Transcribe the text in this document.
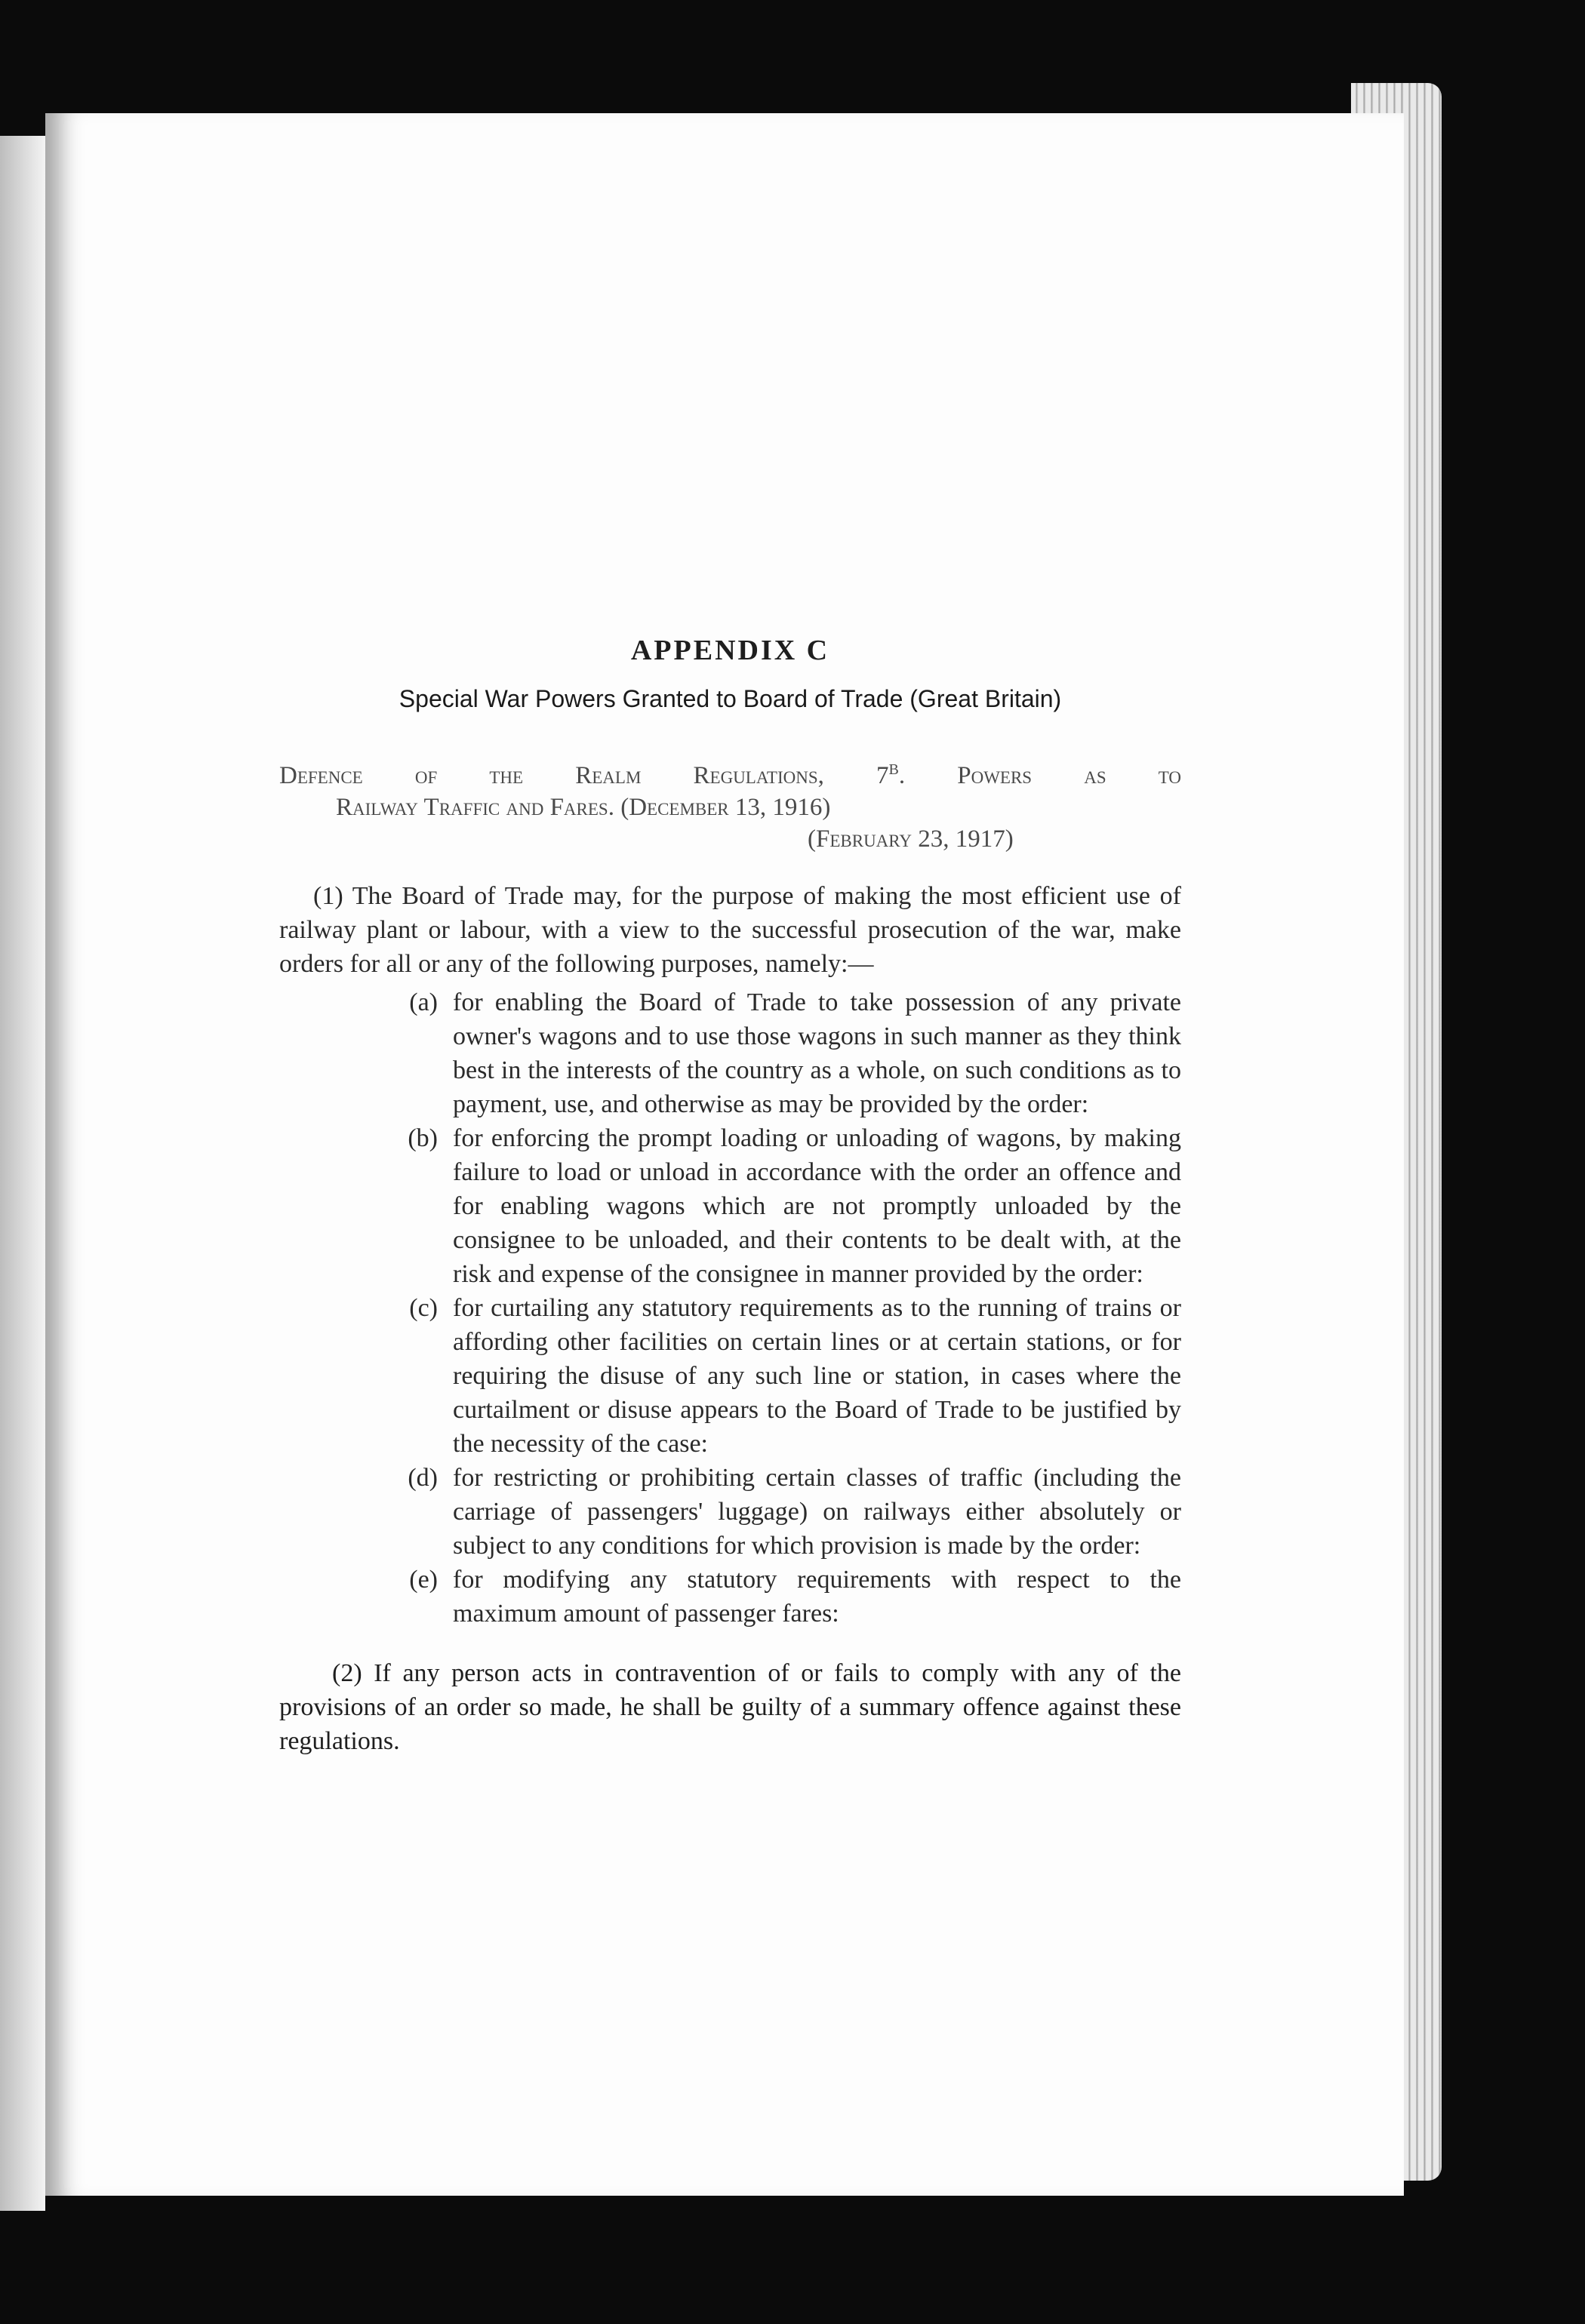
APPENDIX C
Special War Powers Granted to Board of Trade (Great Britain)
Defence of the Realm Regulations, $7^B$. Powers as to
Railway Traffic and Fares. (December 13, 1916)
(February 23, 1917)

(1) The Board of Trade may, for the purpose of making the most efficient use of railway plant or labour, with a view to the successful prosecution of the war, make orders for all or any of the following purposes, namely:—

(a) for enabling the Board of Trade to take possession of any private owner's wagons and to use those wagons in such manner as they think best in the interests of the country as a whole, on such conditions as to payment, use, and otherwise as may be provided by the order:
(b) for enforcing the prompt loading or unloading of wagons, by making failure to load or unload in accordance with the order an offence and for enabling wagons which are not promptly unloaded by the consignee to be unloaded, and their contents to be dealt with, at the risk and expense of the consignee in manner provided by the order:
(c) for curtailing any statutory requirements as to the running of trains or affording other facilities on certain lines or at certain stations, or for requiring the disuse of any such line or station, in cases where the curtailment or disuse appears to the Board of Trade to be justified by the necessity of the case:
(d) for restricting or prohibiting certain classes of traffic (including the carriage of passengers' luggage) on railways either absolutely or subject to any conditions for which provision is made by the order:
(e) for modifying any statutory requirements with respect to the maximum amount of passenger fares:

(2) If any person acts in contravention of or fails to comply with any of the provisions of an order so made, he shall be guilty of a summary offence against these regulations.
